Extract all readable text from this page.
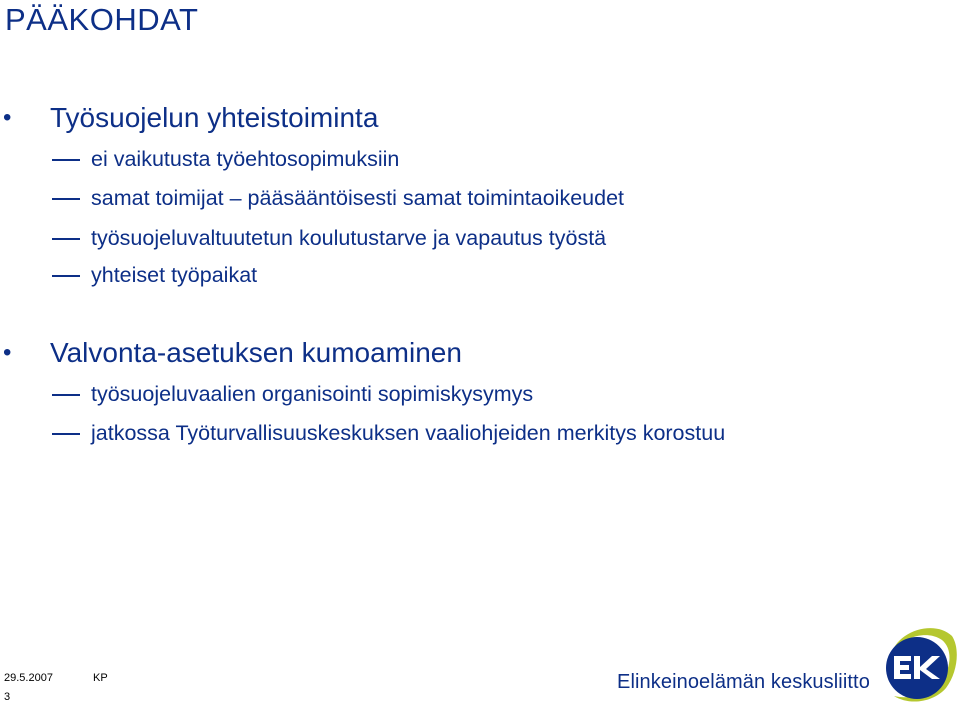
PÄÄKOHDAT
• Työsuojelun yhteistoiminta
ei vaikutusta työehtosopimuksiin
samat toimijat – pääsääntöisesti samat toimintaoikeudet
työsuojeluvaltuutetun koulutustarve ja vapautus työstä
yhteiset työpaikat
• Valvonta-asetuksen kumoaminen
työsuojeluvaalien organisointi sopimiskysymys
jatkossa Työturvallisuuskeskuksen vaaliohjeiden merkitys korostuu
29.5.2007	KP
3
Elinkeinoelämän keskusliitto
